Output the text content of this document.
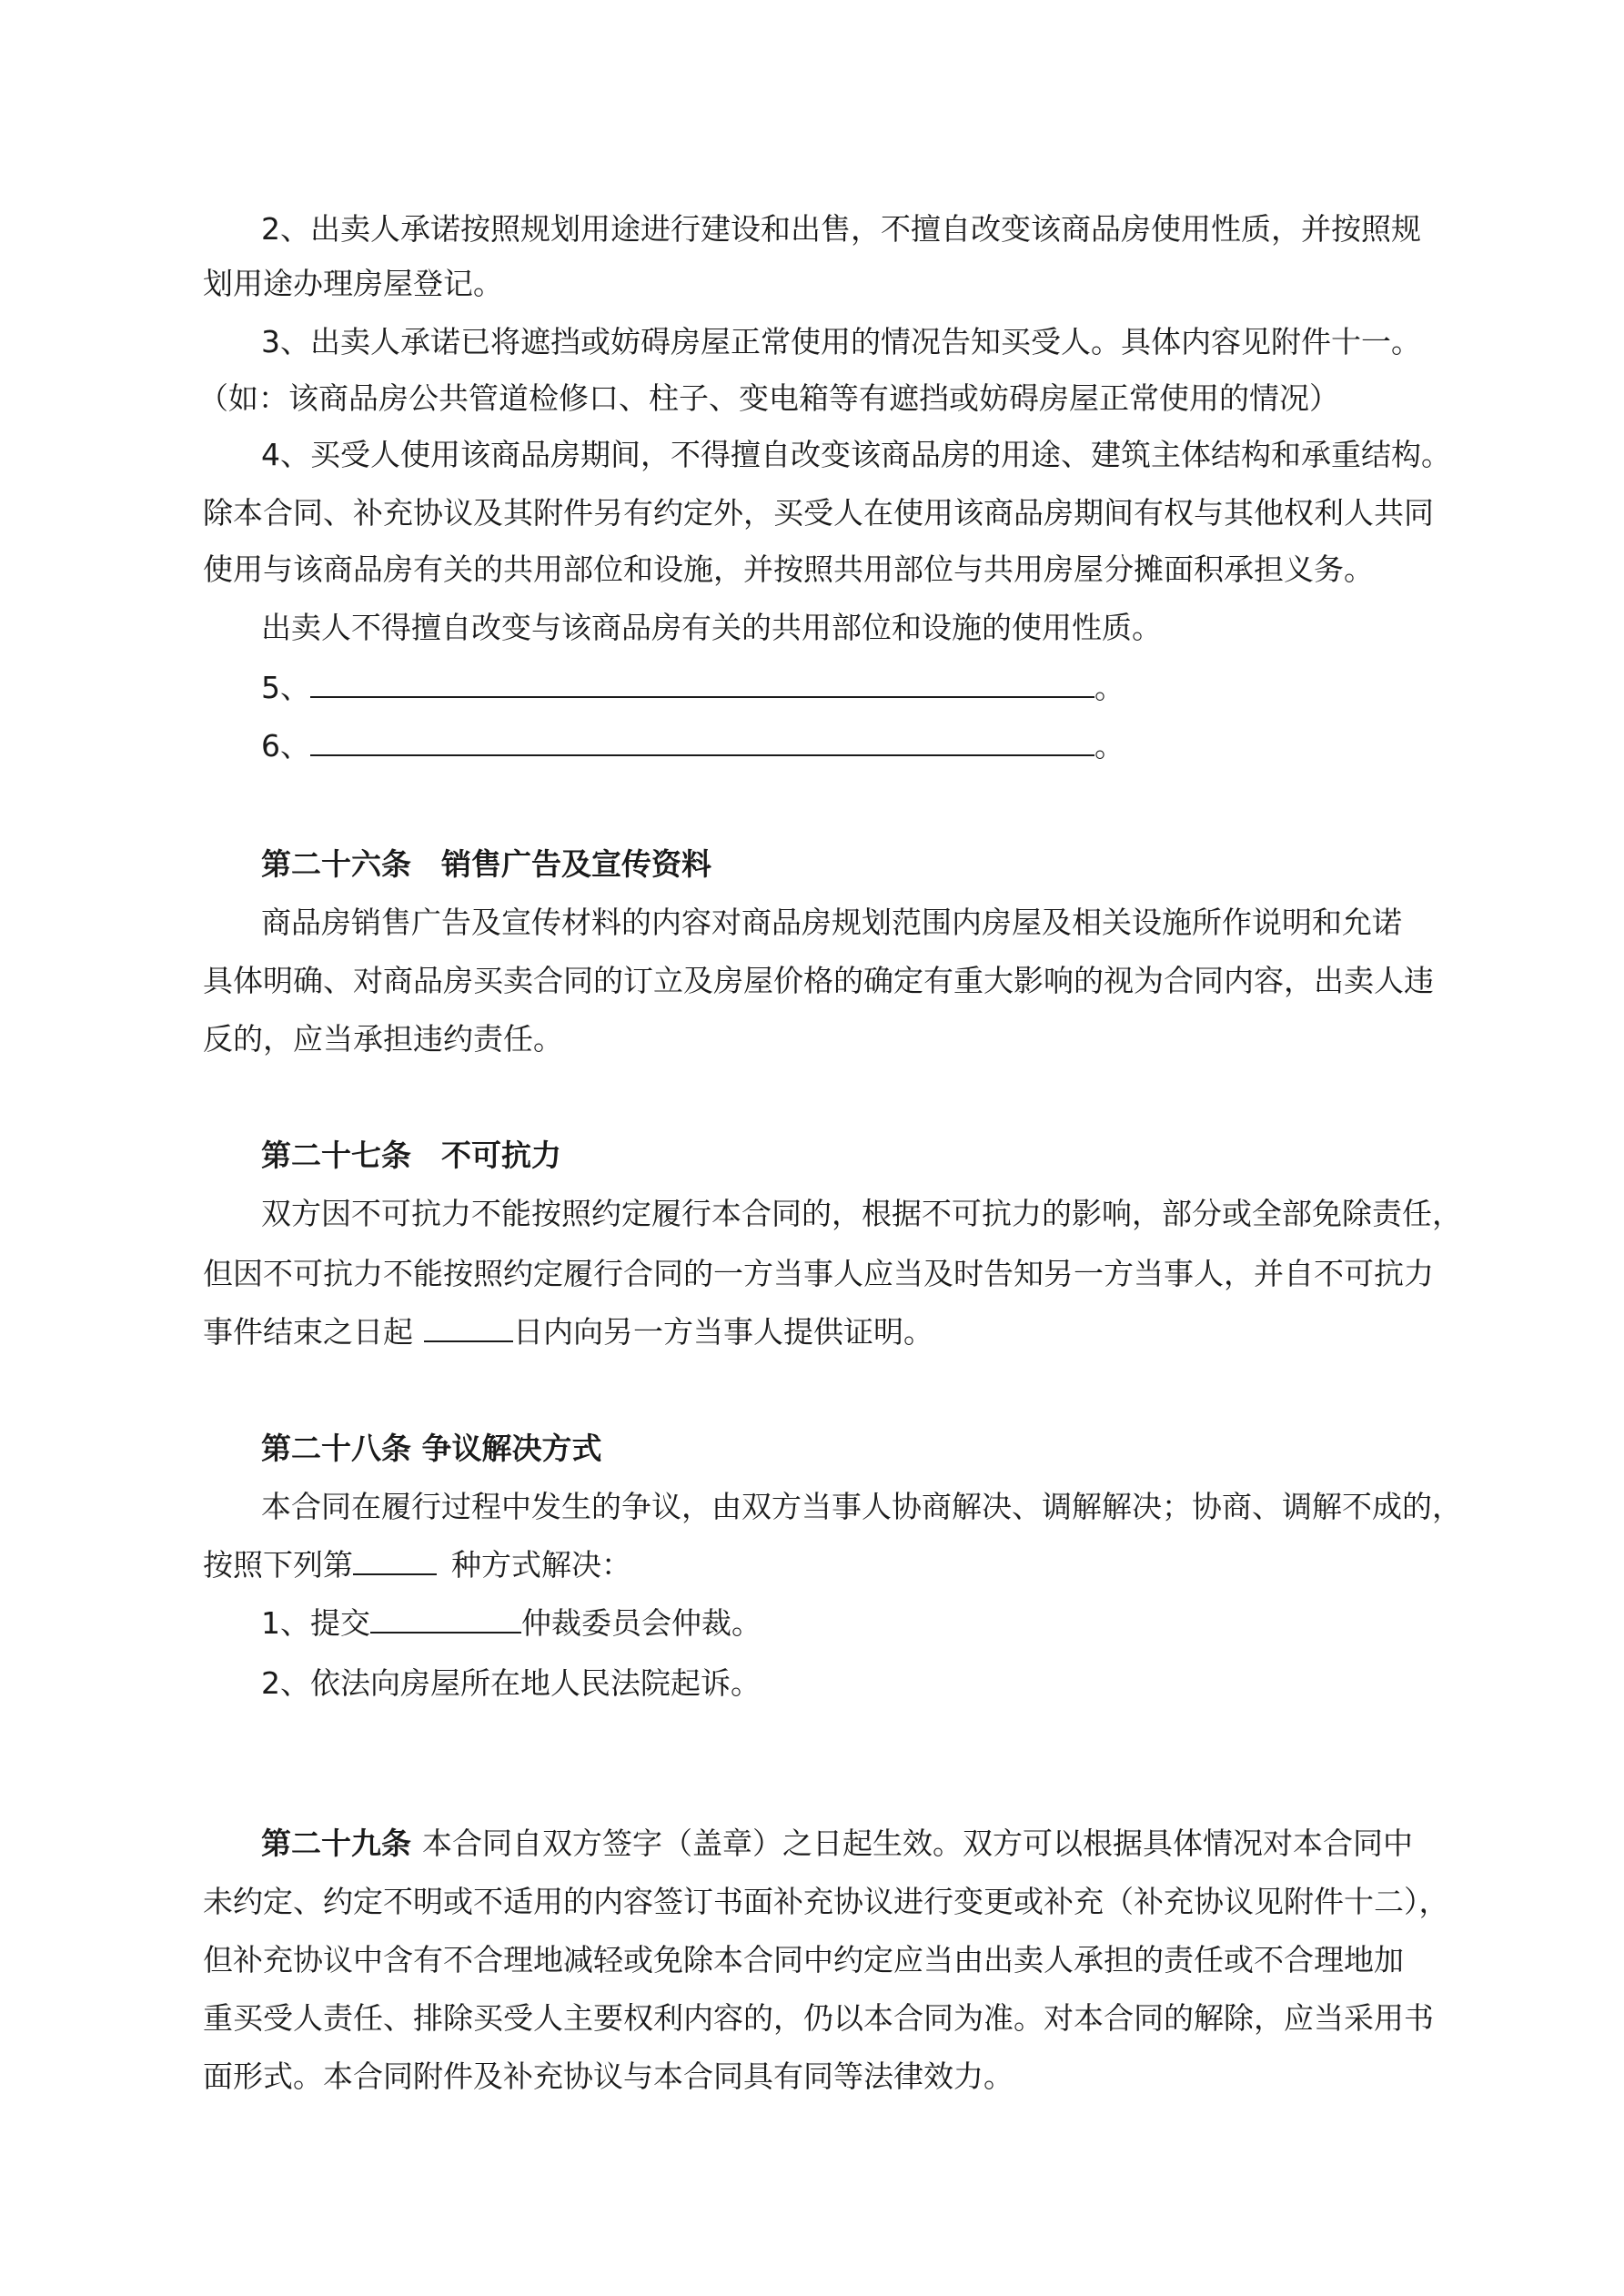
2、出卖人承诺按照规划用途进行建设和出售，不擅自改变该商品房使用性质，并按照规
划用途办理房屋登记。
3、出卖人承诺已将遮挡或妨碍房屋正常使用的情况告知买受人。具体内容见附件十一。
（如：该商品房公共管道检修口、柱子、变电箱等有遮挡或妨碍房屋正常使用的情况）
4、买受人使用该商品房期间，不得擅自改变该商品房的用途、建筑主体结构和承重结构。
除本合同、补充协议及其附件另有约定外，买受人在使用该商品房期间有权与其他权利人共同
使用与该商品房有关的共用部位和设施，并按照共用部位与共用房屋分摊面积承担义务。
出卖人不得擅自改变与该商品房有关的共用部位和设施的使用性质。
5、	。
6、	。
第二十六条　销售广告及宣传资料
商品房销售广告及宣传材料的内容对商品房规划范围内房屋及相关设施所作说明和允诺
具体明确、对商品房买卖合同的订立及房屋价格的确定有重大影响的视为合同内容，出卖人违
反的，应当承担违约责任。
第二十七条　不可抗力
双方因不可抗力不能按照约定履行本合同的，根据不可抗力的影响，部分或全部免除责任，
但因不可抗力不能按照约定履行合同的一方当事人应当及时告知另一方当事人，并自不可抗力
事件结束之日起	日内向另一方当事人提供证明。
第二十八条 争议解决方式
本合同在履行过程中发生的争议，由双方当事人协商解决、调解解决；协商、调解不成的，
按照下列第	种方式解决：
1、提交	仲裁委员会仲裁。
2、依法向房屋所在地人民法院起诉。
第二十九条 本合同自双方签字（盖章）之日起生效。双方可以根据具体情况对本合同中
未约定、约定不明或不适用的内容签订书面补充协议进行变更或补充（补充协议见附件十二），
但补充协议中含有不合理地减轻或免除本合同中约定应当由出卖人承担的责任或不合理地加
重买受人责任、排除买受人主要权利内容的，仍以本合同为准。对本合同的解除，应当采用书
面形式。本合同附件及补充协议与本合同具有同等法律效力。
